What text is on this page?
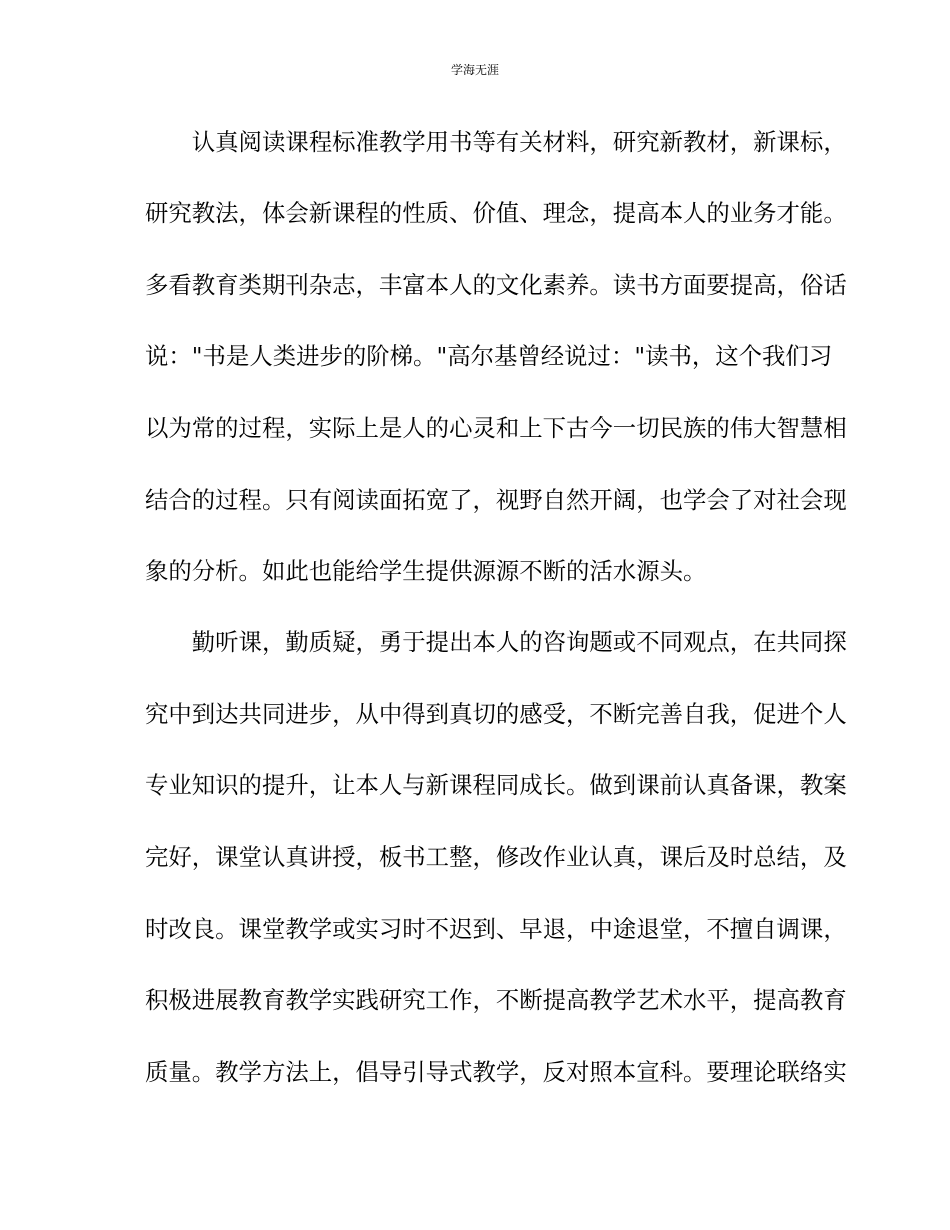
学海无涯
　　认真阅读课程标准教学用书等有关材料，研究新教材，新课标，
研究教法，体会新课程的性质、价值、理念，提高本人的业务才能。
多看教育类期刊杂志，丰富本人的文化素养。读书方面要提高，俗话
说："书是人类进步的阶梯。"高尔基曾经说过："读书，这个我们习
以为常的过程，实际上是人的心灵和上下古今一切民族的伟大智慧相
结合的过程。只有阅读面拓宽了，视野自然开阔，也学会了对社会现
象的分析。如此也能给学生提供源源不断的活水源头。
　　勤听课，勤质疑，勇于提出本人的咨询题或不同观点，在共同探
究中到达共同进步，从中得到真切的感受，不断完善自我，促进个人
专业知识的提升，让本人与新课程同成长。做到课前认真备课，教案
完好，课堂认真讲授，板书工整，修改作业认真，课后及时总结，及
时改良。课堂教学或实习时不迟到、早退，中途退堂，不擅自调课，
积极进展教育教学实践研究工作，不断提高教学艺术水平，提高教育
质量。教学方法上，倡导引导式教学，反对照本宣科。要理论联络实
